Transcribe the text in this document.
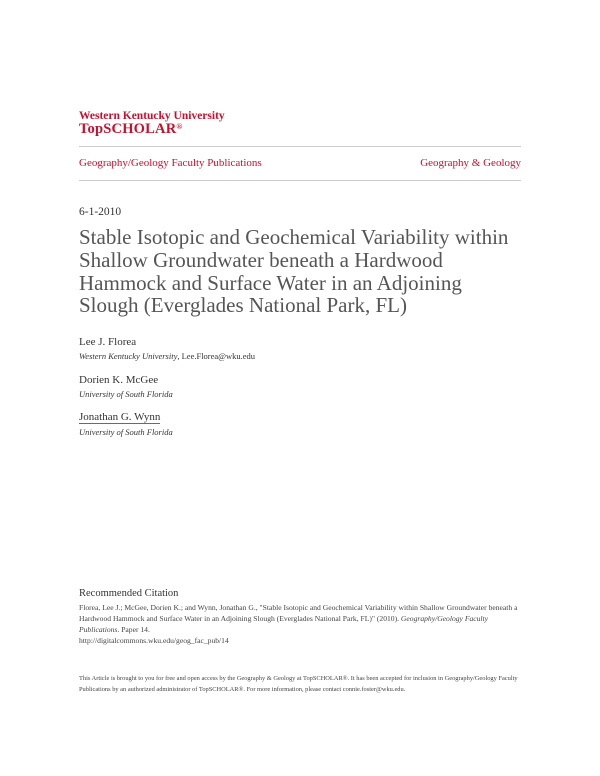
Western Kentucky University
TopSCHOLAR®
Geography/Geology Faculty Publications	Geography & Geology
6-1-2010
Stable Isotopic and Geochemical Variability within Shallow Groundwater beneath a Hardwood Hammock and Surface Water in an Adjoining Slough (Everglades National Park, FL)
Lee J. Florea
Western Kentucky University, Lee.Florea@wku.edu
Dorien K. McGee
University of South Florida
Jonathan G. Wynn
University of South Florida
Recommended Citation
Florea, Lee J.; McGee, Dorien K.; and Wynn, Jonathan G., "Stable Isotopic and Geochemical Variability within Shallow Groundwater beneath a Hardwood Hammock and Surface Water in an Adjoining Slough (Everglades National Park, FL)" (2010). Geography/Geology Faculty Publications. Paper 14.
http://digitalcommons.wku.edu/geog_fac_pub/14
This Article is brought to you for free and open access by the Geography & Geology at TopSCHOLAR®. It has been accepted for inclusion in Geography/Geology Faculty Publications by an authorized administrator of TopSCHOLAR®. For more information, please contact connie.foster@wku.edu.
